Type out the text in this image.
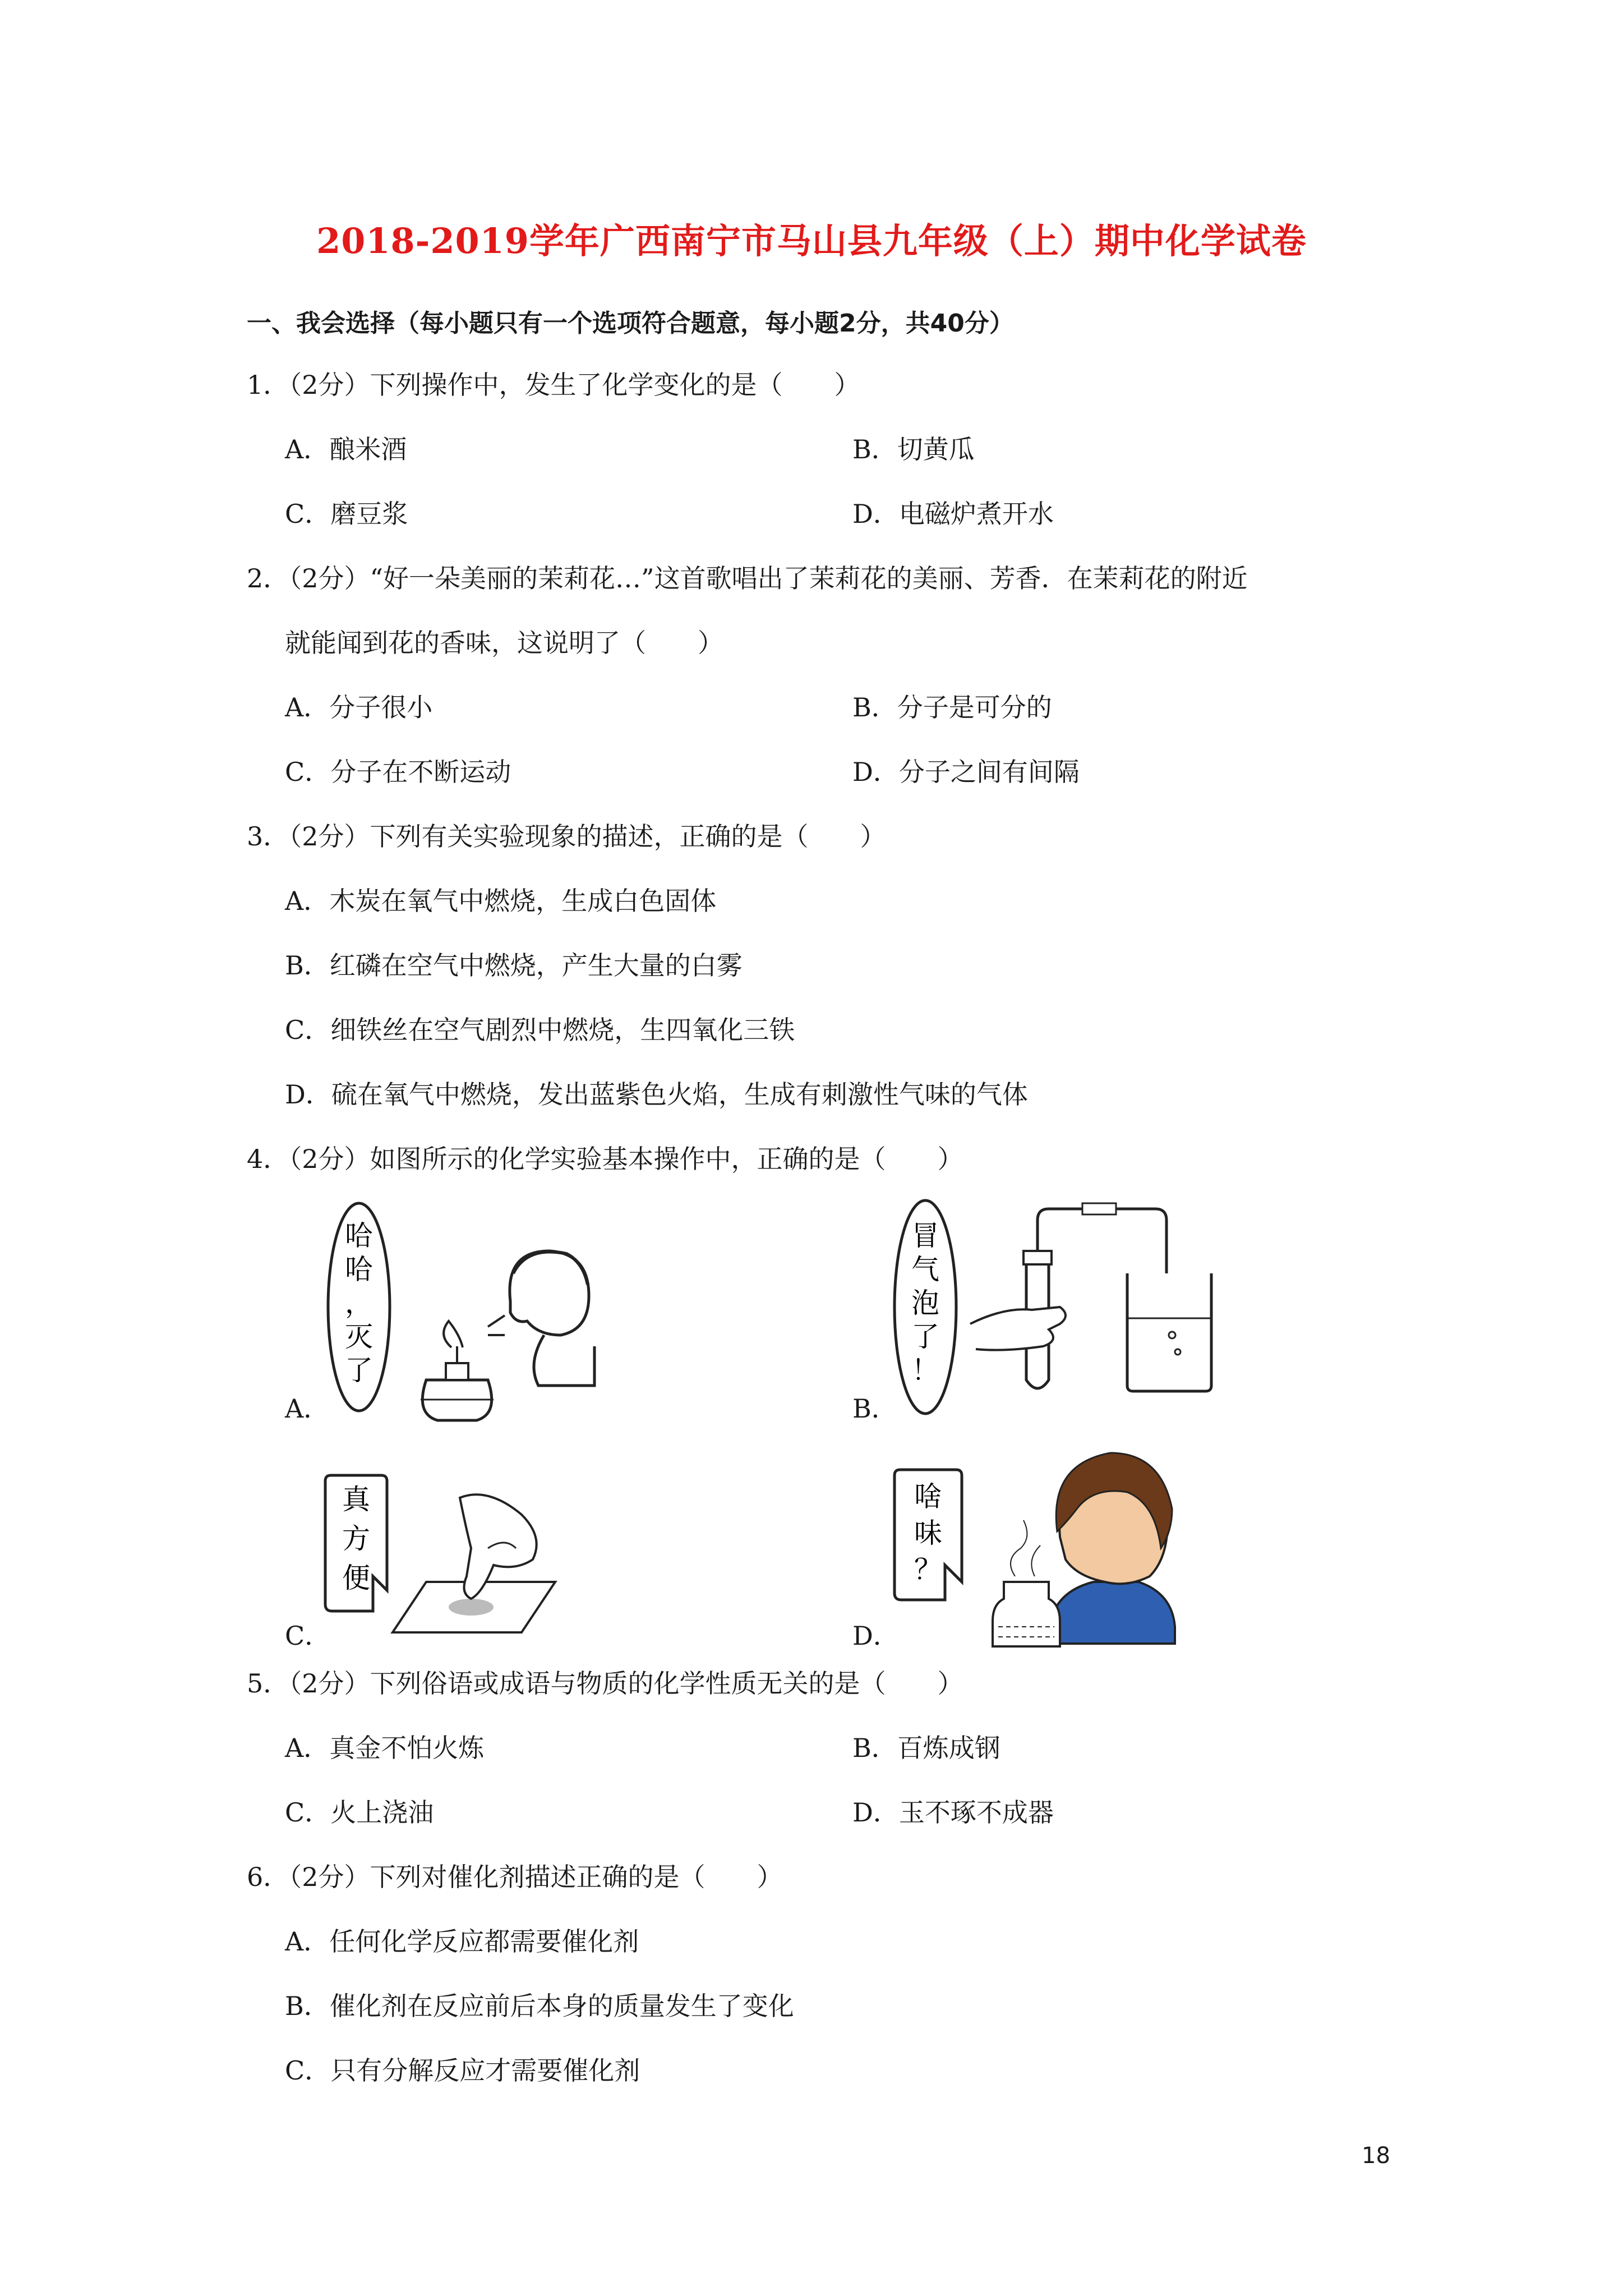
2018-2019学年广西南宁市马山县九年级（上）期中化学试卷
一、我会选择（每小题只有一个选项符合题意，每小题2分，共40分）
1．（2分）下列操作中，发生了化学变化的是（　　）
A．酿米酒	B．切黄瓜
C．磨豆浆	D．电磁炉煮开水
2．（2分）“好一朵美丽的茉莉花…”这首歌唱出了茉莉花的美丽、芳香．在茉莉花的附近
就能闻到花的香味，这说明了（　　）
A．分子很小	B．分子是可分的
C．分子在不断运动	D．分子之间有间隔
3．（2分）下列有关实验现象的描述，正确的是（　　）
A．木炭在氧气中燃烧，生成白色固体
B．红磷在空气中燃烧，产生大量的白雾
C．细铁丝在空气剧烈中燃烧，生四氧化三铁
D．硫在氧气中燃烧，发出蓝紫色火焰，生成有刺激性气味的气体
4．（2分）如图所示的化学实验基本操作中，正确的是（　　）
A．
哈
哈
，
灭
了
B．
冒
气
泡
了
！
C．
真
方
便
D．
啥
味
？
5．（2分）下列俗语或成语与物质的化学性质无关的是（　　）
A．真金不怕火炼	B．百炼成钢
C．火上浇油	D．玉不琢不成器
6．（2分）下列对催化剂描述正确的是（　　）
A．任何化学反应都需要催化剂
B．催化剂在反应前后本身的质量发生了变化
C．只有分解反应才需要催化剂
18
